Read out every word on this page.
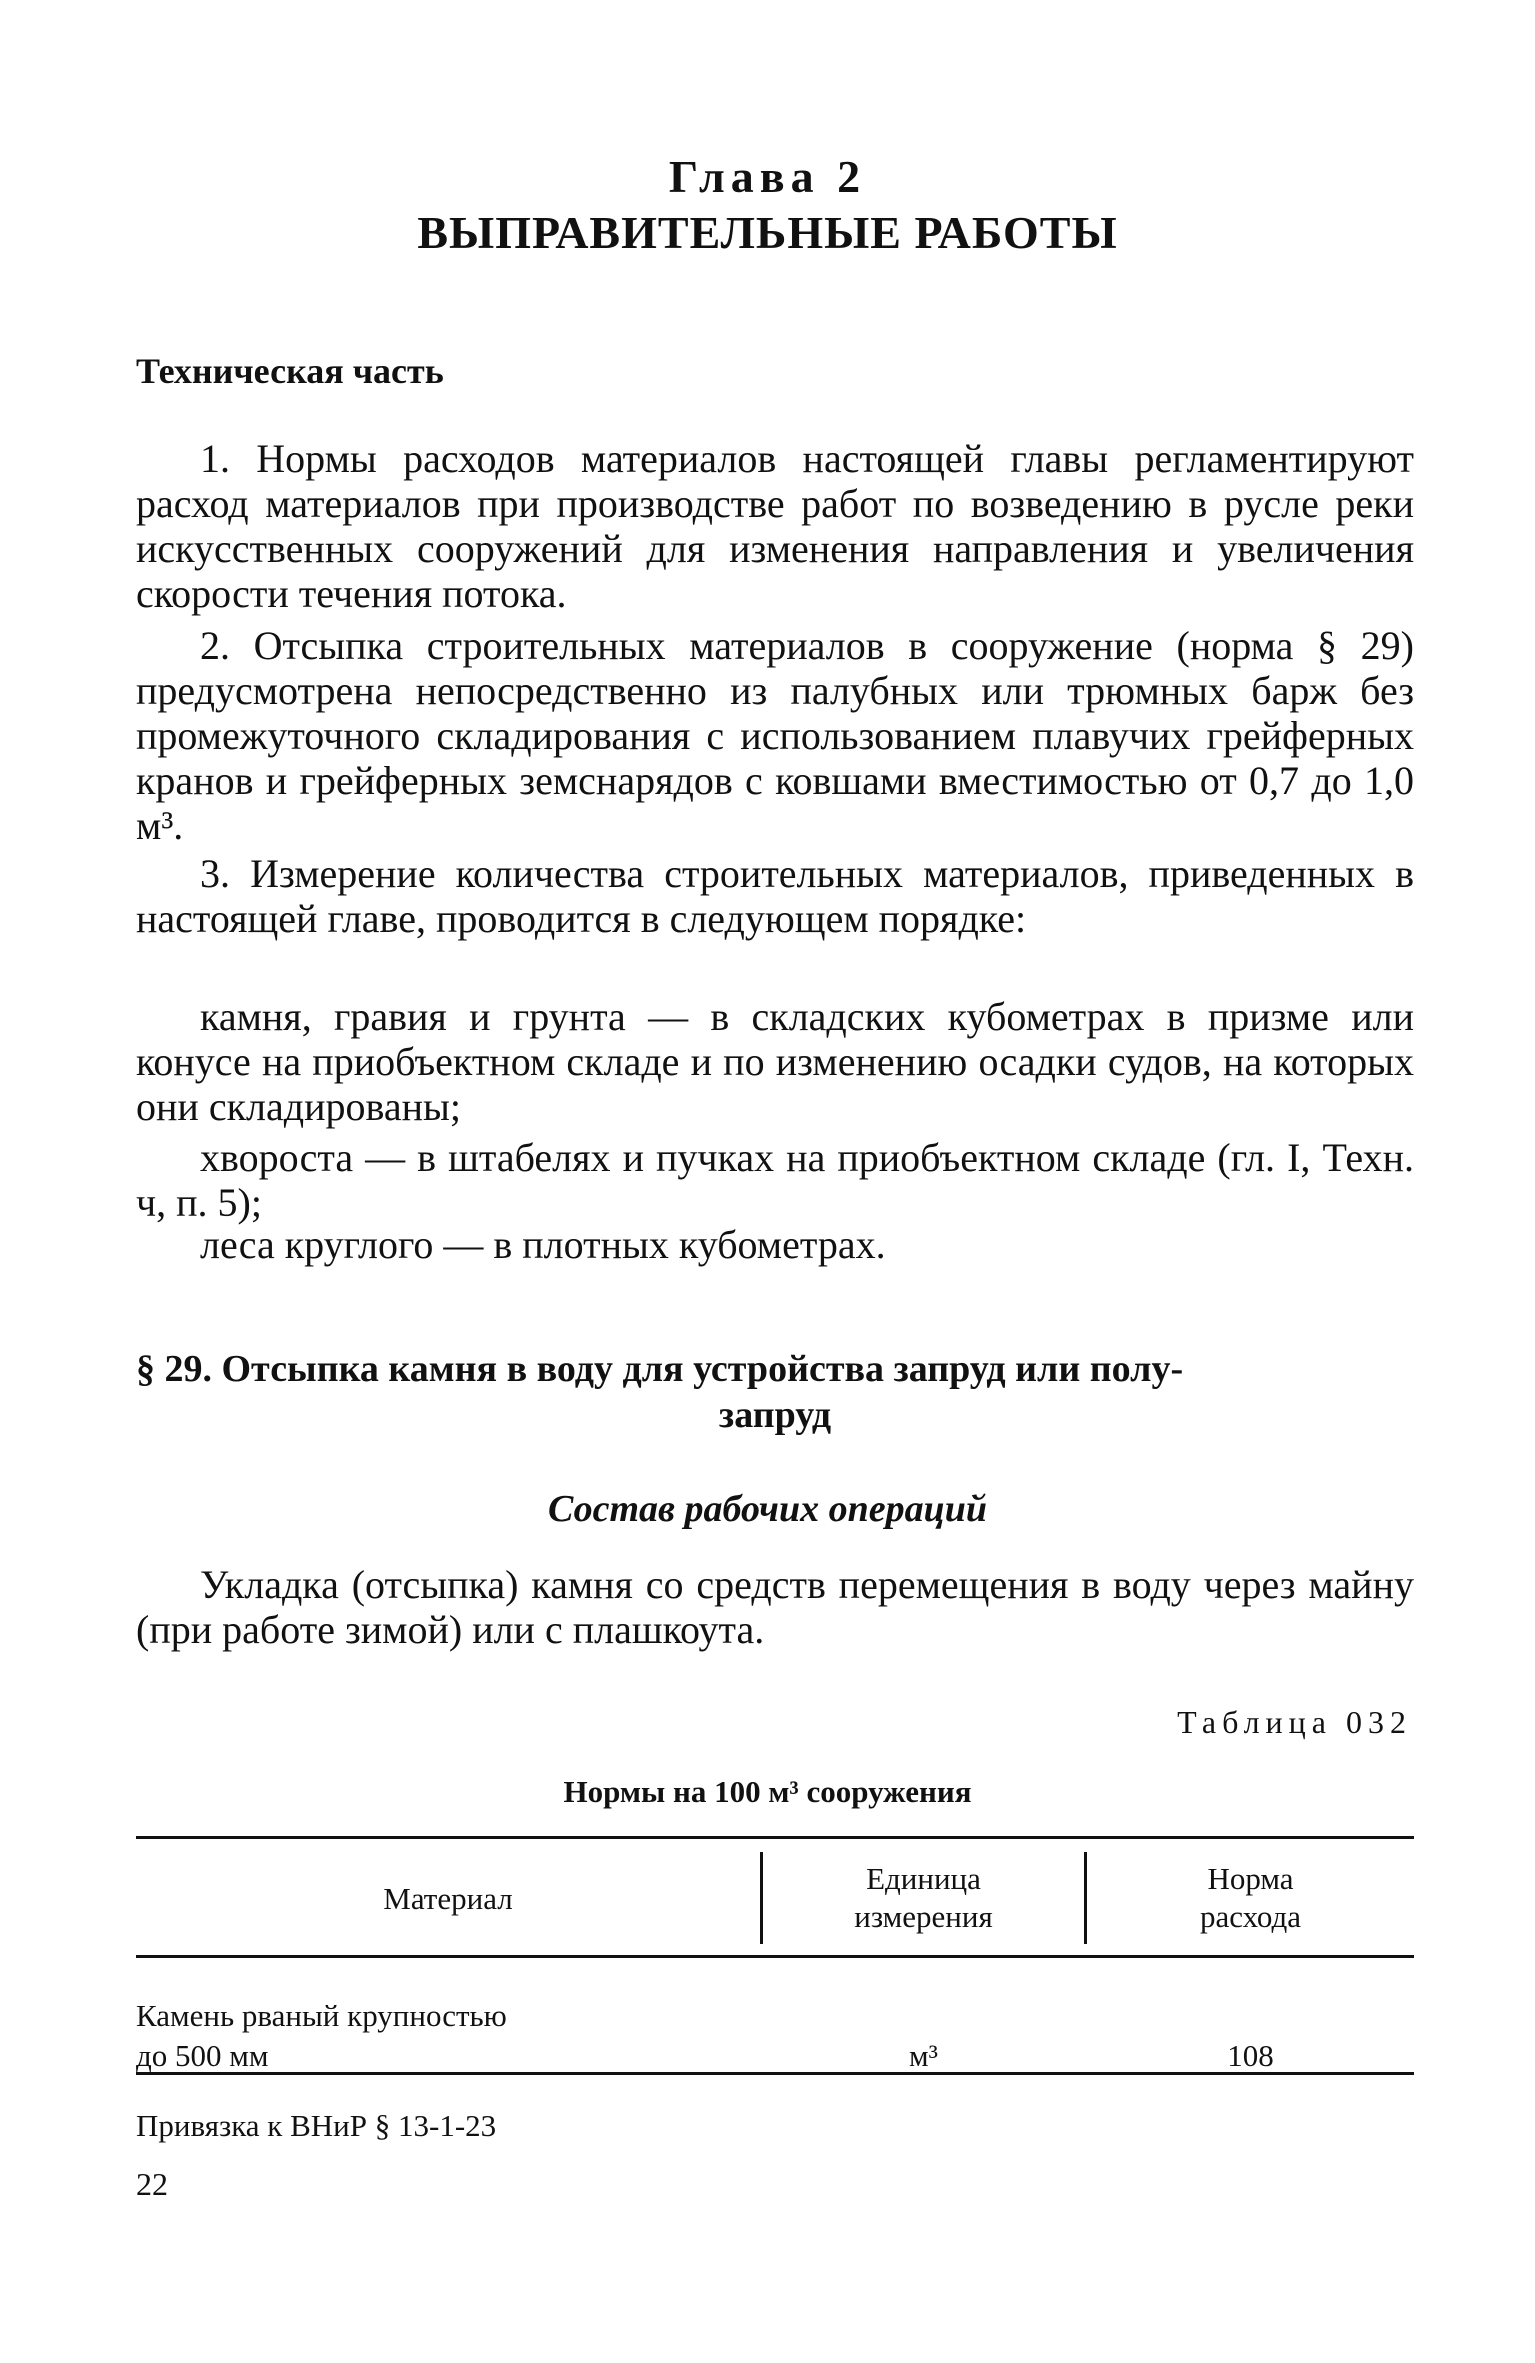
Глава 2
ВЫПРАВИТЕЛЬНЫЕ РАБОТЫ
Техническая часть
1. Нормы расходов материалов настоящей главы регламентируют расход материалов при производстве работ по возведению в русле реки искусственных сооружений для изменения направления и увеличения скорости течения потока.
2. Отсыпка строительных материалов в сооружение (норма § 29) предусмотрена непосредственно из палубных или трюмных барж без промежуточного складирования с использованием плавучих грейферных кранов и грейферных земснарядов с ковшами вместимостью от 0,7 до 1,0 м³.
3. Измерение количества строительных материалов, приведенных в настоящей главе, проводится в следующем порядке:
камня, гравия и грунта — в складских кубометрах в призме или конусе на приобъектном складе и по изменению осадки судов, на которых они складированы;
хвороста — в штабелях и пучках на приобъектном складе (гл. I, Техн. ч, п. 5);
леса круглого — в плотных кубометрах.
§ 29. Отсыпка камня в воду для устройства запруд или полу-
запруд
Состав рабочих операций
Укладка (отсыпка) камня со средств перемещения в воду через майну (при работе зимой) или с плашкоута.
Таблица 032
Нормы на 100 м³ сооружения
Материал
Единица
измерения
Норма
расхода
Камень рваный крупностью
до 500 мм	м³	108
Привязка к ВНиР § 13-1-23
22
